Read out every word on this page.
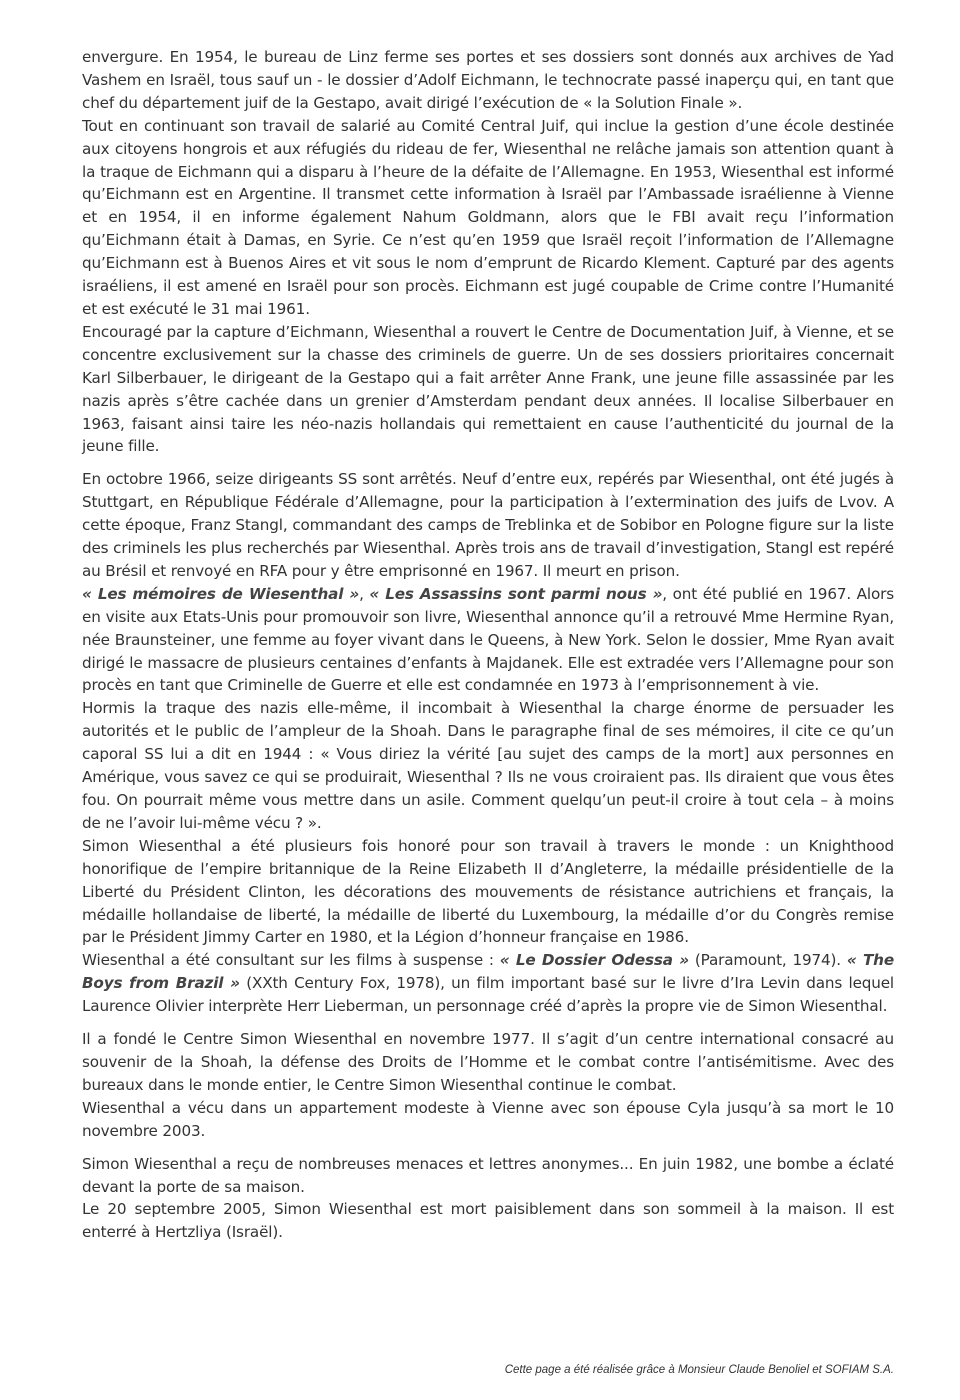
envergure. En 1954, le bureau de Linz ferme ses portes et ses dossiers sont donnés aux archives de Yad Vashem en Israël, tous sauf un - le dossier d’Adolf Eichmann, le technocrate passé inaperçu qui, en tant que chef du département juif de la Gestapo, avait dirigé l’exécution de « la Solution Finale ».

Tout en continuant son travail de salarié au Comité Central Juif, qui inclue la gestion d’une école destinée aux citoyens hongrois et aux réfugiés du rideau de fer, Wiesenthal ne relâche jamais son attention quant à la traque de Eichmann qui a disparu à l’heure de la défaite de l’Allemagne. En 1953, Wiesenthal est informé qu’Eichmann est en Argentine. Il transmet cette information à Israël par l’Ambassade israélienne à Vienne et en 1954, il en informe également Nahum Goldmann, alors que le FBI avait reçu l’information qu’Eichmann était à Damas, en Syrie. Ce n’est qu’en 1959 que Israël reçoit l’information de l’Allemagne qu’Eichmann est à Buenos Aires et vit sous le nom d’emprunt de Ricardo Klement. Capturé par des agents israéliens, il est amené en Israël pour son procès. Eichmann est jugé coupable de Crime contre l’Humanité et est exécuté le 31 mai 1961.

Encouragé par la capture d’Eichmann, Wiesenthal a rouvert le Centre de Documentation Juif, à Vienne, et se concentre exclusivement sur la chasse des criminels de guerre. Un de ses dossiers prioritaires concernait Karl Silberbauer, le dirigeant de la Gestapo qui a fait arrêter Anne Frank, une jeune fille assassinée par les nazis après s’être cachée dans un grenier d’Amsterdam pendant deux années. Il localise Silberbauer en 1963, faisant ainsi taire les néo-nazis hollandais qui remettaient en cause l’authenticité du journal de la jeune fille.

En octobre 1966, seize dirigeants SS sont arrêtés. Neuf d’entre eux, repérés par Wiesenthal, ont été jugés à Stuttgart, en République Fédérale d’Allemagne, pour la participation à l’extermination des juifs de Lvov. A cette époque, Franz Stangl, commandant des camps de Treblinka et de Sobibor en Pologne figure sur la liste des criminels les plus recherchés par Wiesenthal. Après trois ans de travail d’investigation, Stangl est repéré au Brésil et renvoyé en RFA pour y être emprisonné en 1967. Il meurt en prison.

« Les mémoires de Wiesenthal », « Les Assassins sont parmi nous », ont été publié en 1967. Alors en visite aux Etats-Unis pour promouvoir son livre, Wiesenthal annonce qu’il a retrouvé Mme Hermine Ryan, née Braunsteiner, une femme au foyer vivant dans le Queens, à New York. Selon le dossier, Mme Ryan avait dirigé le massacre de plusieurs centaines d’enfants à Majdanek. Elle est extradée vers l’Allemagne pour son procès en tant que Criminelle de Guerre et elle est condamnée en 1973 à l’emprisonnement à vie.

Hormis la traque des nazis elle-même, il incombait à Wiesenthal la charge énorme de persuader les autorités et le public de l’ampleur de la Shoah. Dans le paragraphe final de ses mémoires, il cite ce qu’un caporal SS lui a dit en 1944 : « Vous diriez la vérité [au sujet des camps de la mort] aux personnes en Amérique, vous savez ce qui se produirait, Wiesenthal ? Ils ne vous croiraient pas. Ils diraient que vous êtes fou. On pourrait même vous mettre dans un asile. Comment quelqu’un peut-il croire à tout cela – à moins de ne l’avoir lui-même vécu ? ».

Simon Wiesenthal a été plusieurs fois honoré pour son travail à travers le monde : un Knighthood honorifique de l’empire britannique de la Reine Elizabeth II d’Angleterre, la médaille présidentielle de la Liberté du Président Clinton, les décorations des mouvements de résistance autrichiens et français, la médaille hollandaise de liberté, la médaille de liberté du Luxembourg, la médaille d’or du Congrès remise par le Président Jimmy Carter en 1980, et la Légion d’honneur française en 1986.

Wiesenthal a été consultant sur les films à suspense : « Le Dossier Odessa » (Paramount, 1974). « The Boys from Brazil » (XXth Century Fox, 1978), un film important basé sur le livre d’Ira Levin dans lequel Laurence Olivier interprète Herr Lieberman, un personnage créé d’après la propre vie de Simon Wiesenthal.

Il a fondé le Centre Simon Wiesenthal en novembre 1977. Il s’agit d’un centre international consacré au souvenir de la Shoah, la défense des Droits de l’Homme et le combat contre l’antisémitisme. Avec des bureaux dans le monde entier, le Centre Simon Wiesenthal continue le combat.

Wiesenthal a vécu dans un appartement modeste à Vienne avec son épouse Cyla jusqu’à sa mort le 10 novembre 2003.

Simon Wiesenthal a reçu de nombreuses menaces et lettres anonymes... En juin 1982, une bombe a éclaté devant la porte de sa maison.

Le 20 septembre 2005, Simon Wiesenthal est mort paisiblement dans son sommeil à la maison. Il est enterré à Hertzliya (Israël).

Cette page a été réalisée grâce à Monsieur Claude Benoliel et SOFIAM S.A.
